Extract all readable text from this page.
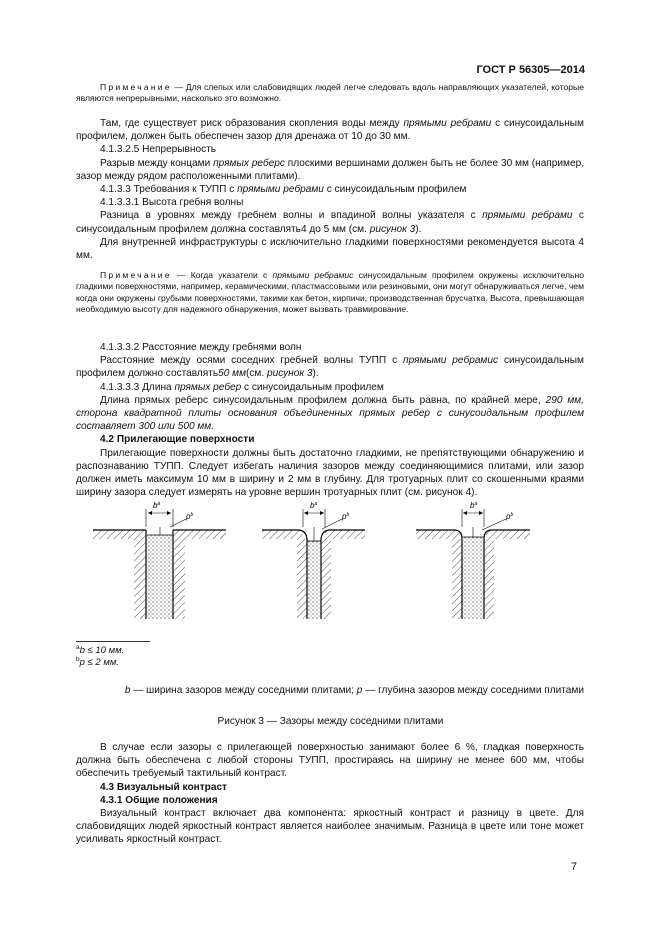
ГОСТ Р 56305—2014

Примечание — Для слепых или слабовидящих людей легче следовать вдоль направляющих указателей, которые являются непрерывными, насколько это возможно.

Там, где существует риск образования скопления воды между прямыми ребрами с синусоидальным профилем, должен быть обеспечен зазор для дренажа от 10 до 30 мм.

4.1.3.2.5 Непрерывность

Разрыв между концами прямых реберс плоскими вершинами должен быть не более 30 мм (например, зазор между рядом расположенными плитами).

4.1.3.3 Требования к ТУПП с прямыми ребрами с синусоидальным профилем

4.1.3.3.1 Высота гребня волны

Разница в уровнях между гребнем волны и впадиной волны указателя с прямыми ребрами с синусоидальным профилем должна составлять4 до 5 мм (см. рисунок 3).

Для внутренней инфраструктуры с исключительно гладкими поверхностями рекомендуется высота 4 мм.

Примечание — Когда указатели с прямыми ребрамис синусоидальным профилем окружены исключительно гладкими поверхностями, например, керамическими, пластмассовыми или резиновыми, они могут обнаруживаться легче, чем когда они окружены грубыми поверхностями, такими как бетон, кирпичи, производственная брусчатка. Высота, превышающая необходимую высоту для надежного обнаружения, может вызвать травмирование.

4.1.3.3.2 Расстояние между гребнями волн

Расстояние между осями соседних гребней волны ТУПП с прямыми ребрамис синусоидальным профилем должно составлять50 мм(см. рисунок 3).

4.1.3.3.3 Длина прямых ребер с синусоидальным профилем

Длина прямых реберс синусоидальным профилем должна быть равна, по крайней мере, 290 мм, сторона квадратной плиты основания объединенных прямых ребер с синусоидальным профилем составляет 300 или 500 мм.

4.2 Прилегающие поверхности

Прилегающие поверхности должны быть достаточно гладкими, не препятствующими обнаружению и распознаванию ТУПП. Следует избегать наличия зазоров между соединяющимися плитами, или зазор должен иметь максимум 10 мм в ширину и 2 мм в глубину. Для тротуарных плит со скошенными краями ширину зазора следует измерять на уровне вершин тротуарных плит (см. рисунок 4).

$b^a$
$p^b$
$b^a$
$p^b$
$b^a$
$p^b$
$^a$b ≤ 10 мм.
$^b$p ≤ 2 мм.
b — ширина зазоров между соседними плитами; p — глубина зазоров между соседними плитами
Рисунок 3 — Зазоры между соседними плитами

В случае если зазоры с прилегающей поверхностью занимают более 6 %, гладкая поверхность должна быть обеспечена с любой стороны ТУПП, простираясь на ширину не менее 600 мм, чтобы обеспечить требуемый тактильный контраст.

4.3 Визуальный контраст

4.3.1 Общие положения

Визуальный контраст включает два компонента: яркостный контраст и разницу в цвете. Для слабовидящих людей яркостный контраст является наиболее значимым. Разница в цвете или тоне может усиливать яркостный контраст.

7
